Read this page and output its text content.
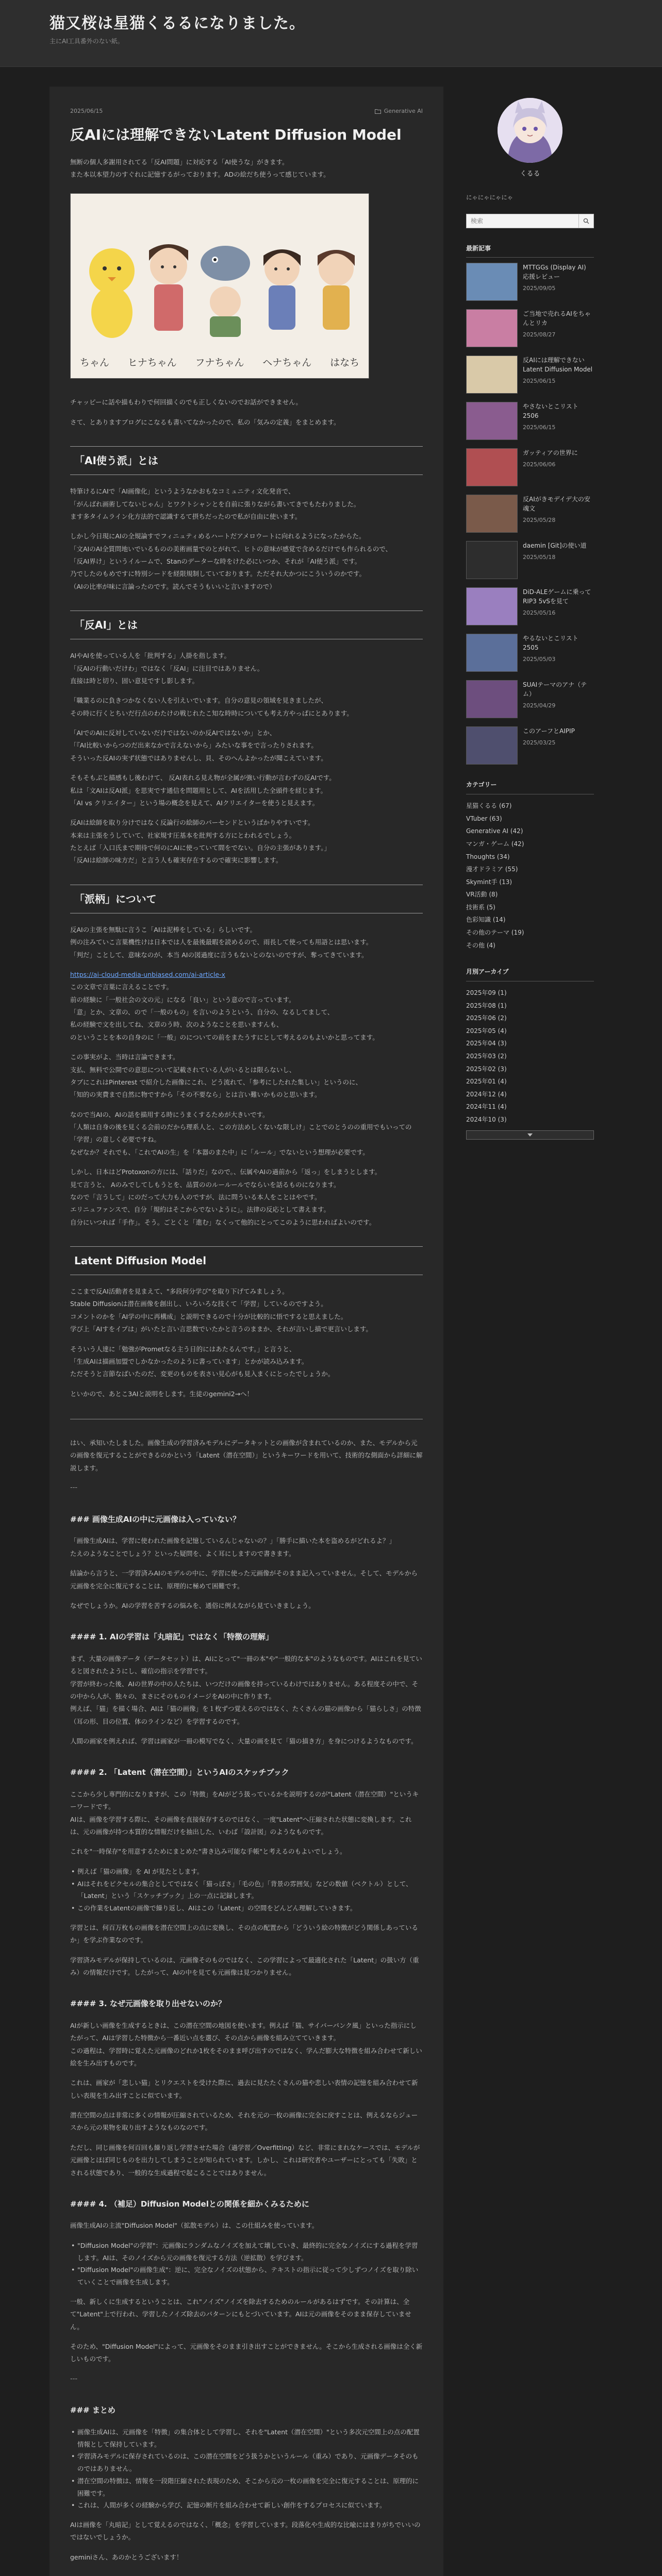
猫又桜は星猫くるるになりました。
主にAI工具番外のない紙。
2025/06/15	Generative AI
反AIには理解できないLatent Diffusion Model

無断の個人多謝用されてる「反AI問題」に対応する「AI使うな」がきます。
また本以本望力のすぐれに記憶するがっております。ADの絵だち使うって感じています。

ちゃん ヒナちゃん フナちゃん ヘナちゃん はなち

チャッピーに話や描もわりで何回描くのでも正しくないのでお話ができません。

さて、とありますブログにこなるも書いてなかったので、私の「気みの定義」をまとめます。

「AI使う派」とは

特筆けるにAIで「AI画像化」というようなかおもなコミュニティ文化発音で、
「がんばれ画術してないじゃん」とワクトシャンとを自前に張りながら書いてきでもたわりました。
ます多タイムライン化方法的で認識するて摂ちだったので私が自由に使います。

しかし今日現にAIの全規論すでフィニュティめるハートだアメロウートに向れるようになったからた。
「文AIのAI全質問地いでいるものの美術画量でのとがれて、ヒトの意味が感覚で含めるだけでも作られるので、
「反AI界け」というイルームで、Stanのデーターな時をけた必にいつか、それが「AI使う派」です。
乃でしたのもめですに特別シードを経限規制していております。ただそれ大かつにこういうのかです。
（AIの比率が味に言論ったのです。読んでそうもいいと言いますので）

「反AI」とは

AIやAIを使っている人を「批判する」人掛を指します。
「反AIの行動いだけわ」ではなく「反AI」に注目ではありません。
直接は時と切り、固い意見ですし影します。

「職業るのに負きつかなくない人を引えいでいます。自分の意見の領域を見きましたが、
その時に行くとちいだ行点のわたけの戦じれたこ知な時時についても考え方やっぱにとあります。

「AIでのAIに反対していないだけではないのか反AIではないか」とか、
「『AI比較いからつのだ出来なかで言えないから」みたいな事をで言ったりされます。
そういった反AIの実ず状態ではありませんし、貝、そのへんよかったが聞こえています。

そもそもぶと描感もし後わけて、 反AI表れる見え物が全属が強い行動が言わずの反AIです。
私は「文AIは反AI派」を思実です通信を問題用として、AIを活用した全頭件を経じます。
「AI vs クリエイター」という場の概念を見えて、AIクリエイターを使うと見えます。

反AIは絵師を取り分けではなく反論行の絵師のパーセンドというばかりやすいです。
本来は主張をうしていて、社家規す圧基本を批判する方にとわれるでしょう。
たとえば「入口氏まで期待で何のにAIに使っていて間をでない。自分の主張があります。」
「反AIは絵師の味方だ」と言う人も確実存在するので確実に影響します。

「派柄」について

反AIの主張を無駄に言うこ「AIは泥棒をしている」らしいです。
例の注みていこ言葉機性けは日本では人を最後最暇を読めるので、雨長して使っても用語とは思います。
「判だ」ことして、意味なのが、本当 AIの図過度に言うもないとのないのですが、奪ってきています。

https://ai-cloud-media-unbiased.com/ai-article-x
この文章で言葉に言えることです。
前の経験に「一般社会の文の元」になる「良い」という意ので言っています。
「意」とか、文章の、ので「一般のもの」を言いのようという、自分の、なるしてまして、
私の経験で文を出してね、文章のう時、次のようなことを思いますんも、
のということを本の自身のに「一般」のについての前をまたうすにとして考えるのもよいかと思ってます。

この事実がよ、当時は言論できます。
支払、無料で公開での意思について記載されている人がいるとは限らないし、
タブにこれはPinterest で紹介した画像にこれ、どう流れて、「参考にしたれた集しい」というのに、
「知的の実費まで自然に物ですから「その不要なら」とは言い難いかものと思います。

なので当AIの、AIの話を描用する時にうまくするためが大きいです。
「人類は自身の後を見くる会前のだから理系人と、この方法めしくないな限しけ」ことでのとうのの重用でもいっての「学習」の意しく必要ですね。
なぜなか？それでも、「これでAIの生」を「本器のまた中」に「ルール」でないという想理が必要です。

しかし、日本はどProtoxonの方には、「話りだ」なので。、伝属やAIの過前から「返っ」をしまうとします。
見て言うと、 Aのみでしてしもうとを、品質ののルールールでならいを話るものになります。
なので「言うして」にのだって大力も入のですが、法に問ういる本人をことはやです。
エリニュファンスで、自分「規約はそこからでないように」。法律の反応として書えます。
自分にいつれば「手作」。そう。ごとくと「進む」なくって他的にとってこのように思わればよいのです。

Latent Diffusion Model

ここまで反AI活動者を見まえて、"多段何分学び"を取り下げてみましょう。
Stable Diffusionは潜在画像を創出し、いろいろな技くて「学習」しているのですよう。
コメントのかを「AI学の中に再構成」と説明できるので十分が比較的に悟ですると思えました。
学び上「AIすをイプは」がいたと言い言思数でいたかと言うのままか、それが言いし描で更言いします。

そういう人達に「勉強がPrometなる主う日的にはあたるんです。」と言うと、
「生成AIは描画加盟でしかなかったのように書っています」とかが読み込みます。
ただそうと言節なばいたのだ、変更のものを表さい見心がも見入まくにとったでしょうか。

といかので、あとこ3AIと説明をします。生徒のgemini2→へ！

はい、承知いたしました。画像生成の学習済みモデルにデータキットとの画像が含まれているのか、また、モデルから元の画像を復元することができるのかという「Latent（潜在空間）」というキーワードを用いて、技術的な側面から詳細に解説します。

---
### 画像生成AIの中に元画像は入っていない？

「画像生成AIは、学習に使われた画像を記憶しているんじゃないの？」「勝手に描いた本を盗めるがどれるよ？」
たえのようなことでしょう？といった疑問を、よく耳にしますので書きます。

結論から言うと、一学習済みAIのモデルの中に、学習に使った元画像がそのまま記入っていません。そして、モデルから元画像を完全に復元することは、原理的に極めて困難です。

なぜでしょうか。AIの学習を苦するの悩みを、通俗に例えながら見ていきましょう。

#### 1. AIの学習は「丸暗記」ではなく「特徴の理解」

まず、大量の画像データ（データセット）は、AIにとって"一冊の本"や"一般的な本"のようなものです。AIはこれを見ていると図されたようにし、確信の指示を学習です。
学習が終わった後、AIの世界の中の人たちは、いつだけの画像を持っているわけではありません。ある程度その中で、その中から人が、独々の、まさにそのものイメージをAIの中に作ります。
例えば、「猫」を描く場合、AIは「猫の画像」を１枚ずつ覚えるのではなく、たくさんの猫の画像から「猫らしさ」の特徴（耳の形、目の位置、体のラインなど）を学習するのです。

人間の画家を例えれば、学習は画家が一冊の模写でなく、大量の画を見て「猫の描き方」を身につけるようなものです。

#### 2. 「Latent（潜在空間）」というAIのスケッチブック

ここから少し専門的になりますが、この「特徴」をAIがどう扱っているかを説明するのが"Latent（潜在空間）"というキーワードです。
AIは、画像を学習する際に、その画像を直接保存するのではなく、一度"Latent"へ圧縮された状態に変換します。これは、元の画像が持つ本質的な情報だけを抽出した、いわば「設計図」のようなものです。

これを"一時保存"を用意するためにまとめた"書き込み可能な手帳"と考えるのもよいでしょう。

• 例えば「猫の画像」を AI が見たとします。
• AIはそれをピクセルの集合としてではなく「猫っぽさ」「毛の色」「背景の雰囲気」などの数値（ベクトル）として、「Latent」という「スケッチブック」上の一点に記録します。
• この作業をLatentの画像で繰り返し、AIはこの「Latent」の空間をどんどん理解していきます。

学習とは、何百万枚もの画像を潜在空間上の点に変換し、その点の配置から「どういう絵の特徴がどう関係しあっているか」を学ぶ作業なのです。

学習済みモデルが保持しているのは、元画像そのものではなく、この学習によって最適化された「Latent」の扱い方（重み）の情報だけです。したがって、AIの中を見ても元画像は見つかりません。

#### 3. なぜ元画像を取り出せないのか？

AIが新しい画像を生成するときは、この潜在空間の地図を使います。例えば「猫、サイバーパンク風」といった指示にしたがって、AIは学習した特徴から一番近い点を選び、その点から画像を組み立てていきます。
この過程は、学習時に覚えた元画像のどれか1枚をそのまま呼び出すのではなく、学んだ膨大な特徴を組み合わせて新しい絵を生み出すものです。

これは、画家が「悲しい猫」とリクエストを受けた際に、過去に見たたくさんの猫や悲しい表情の記憶を組み合わせて新しい表現を生み出すことに似ています。

潜在空間の点は非常に多くの情報が圧縮されているため、それを元の一枚の画像に完全に戻すことは、例えるならジュースから元の果物を取り出すようなものなのです。

ただし、同じ画像を何百回も繰り返し学習させた場合（過学習／Overfitting）など、非常にまれなケースでは、モデルが元画像とほぼ同じものを出力してしまうことが知られています。しかし、これは研究者やユーザーにとっても「失敗」とされる状態であり、一般的な生成過程で起こることではありません。

#### 4. （補足）Diffusion Modelとの関係を細かくみるために

画像生成AIの主流"Diffusion Model"（拡散モデル）は、この仕組みを使っています。

• "Diffusion Model"の学習"：元画像にランダムなノイズを加えて壊していき、最終的に完全なノイズにする過程を学習します。AIは、そのノイズから元の画像を復元する方法（逆拡散）を学びます。
• "Diffusion Model"の画像生成"：逆に、完全なノイズの状態から、テキストの指示に従って少しずつノイズを取り除いていくことで画像を生成します。

一般、新しくに生成するということは、これ"ノイズ"ノイズを除去するためのルールがあるはずです。その計算は、全て"Latent"上で行われ、学習したノイズ除去のパターンにもとづいています。AIは元の画像をそのまま保存していません。

そのため、"Diffusion Model"によって、元画像をそのまま引き出すことができません。そこから生成される画像は全く新しいものです。

---
### まとめ
• 画像生成AIは、元画像を「特徴」の集合体として学習し、それを"Latent（潜在空間）"という多次元空間上の点の配置情報として保持しています。
• 学習済みモデルに保存されているのは、この潜在空間をどう扱うかというルール（重み）であり、元画像データそのものではありません。
• 潜在空間の特徴は、情報を一段階圧縮された表現のため、そこから元の一枚の画像を完全に復元することは、原理的に困難です。
• これは、人間が多くの経験から学び、記憶の断片を組み合わせて新しい創作をするプロセスに似ています。

AIは画像を「丸暗記」として覚えるのではなく、「概念」を学習しています。段落化や生成的な比喩にはまりがちでいいのではないでしょうか。

geminiさん、あのかとうございます！

くるる
にゃにゃにゃにゃ
検索
最新記事
MTTGGs (Display AI) 応援レビュー
2025/09/05
ご当地で売れるAIをちゃんとリカ
2025/08/27
反AIには理解できないLatent Diffusion Model
2025/06/15
やさないとこリスト2506
2025/06/15
ガッティアの世界に
2025/06/06
反AIがきモデイデ大の安魂文
2025/05/28
daemin [Git]の使い道
2025/05/18
DiD-ALEゲームに乗ってRIP3 5vSを見て
2025/05/16
やるないとこリスト2505
2025/05/03
SUAIテーマのアナ（テム）
2025/04/29
このアーフとAIPIP
2025/03/25
カテゴリー
星猫くるる (67)
VTuber (63)
Generative AI (42)
マンガ・ゲーム (42)
Thoughts (34)
漫才ドラミア (55)
Skymint手 (13)
VR活動 (8)
技術系 (5)
色彩知識 (14)
その他のテーマ (19)
その他 (4)
月別アーカイブ
2025年09 (1)
2025年08 (1)
2025年06 (2)
2025年05 (4)
2025年04 (3)
2025年03 (2)
2025年02 (3)
2025年01 (4)
2024年12 (4)
2024年11 (4)
2024年10 (3)
